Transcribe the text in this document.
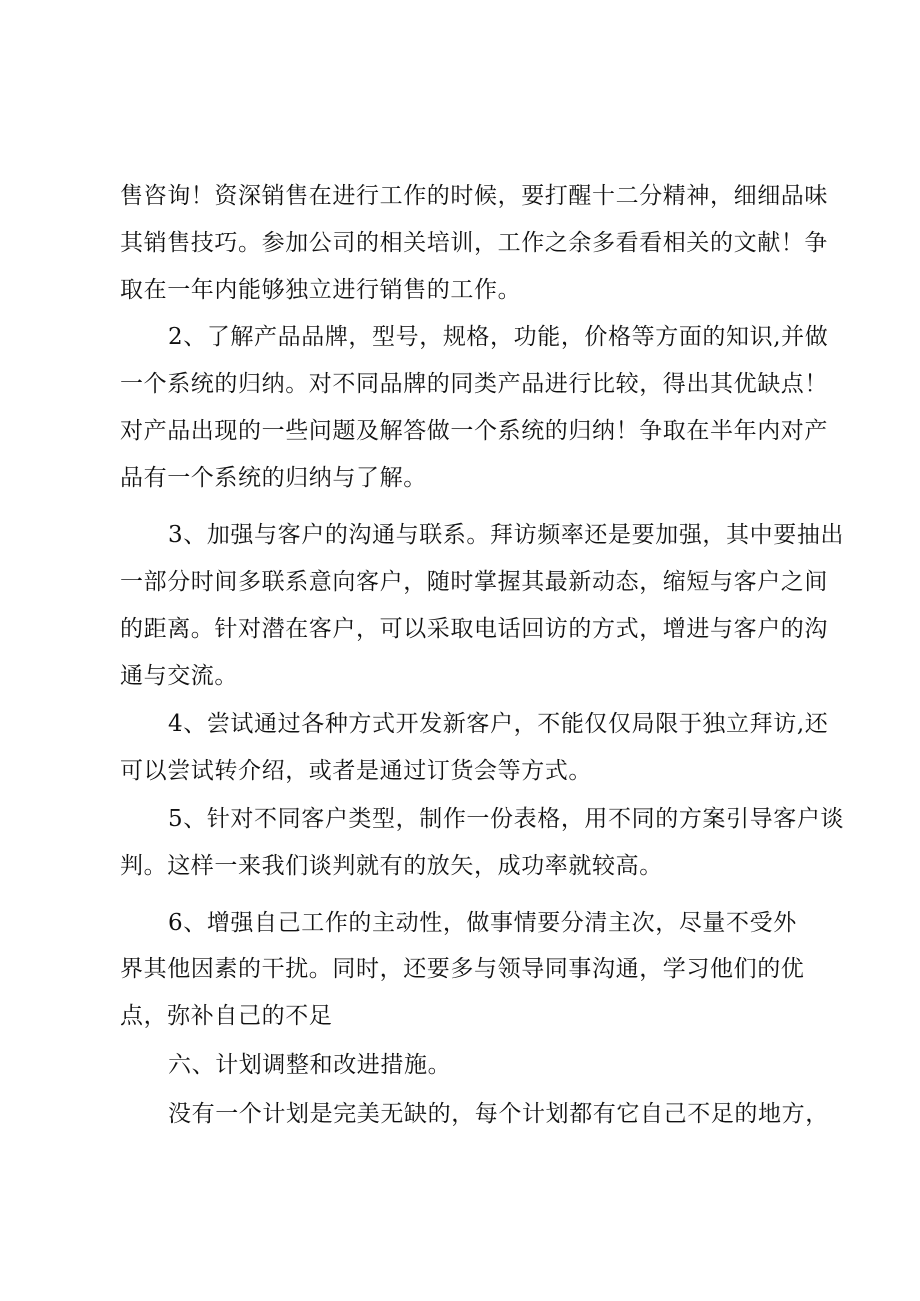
售咨询！资深销售在进行工作的时候，要打醒十二分精神，细细品味
其销售技巧。参加公司的相关培训，工作之余多看看相关的文献！争
取在一年内能够独立进行销售的工作。
2、了解产品品牌，型号，规格，功能，价格等方面的知识,并做
一个系统的归纳。对不同品牌的同类产品进行比较，得出其优缺点！
对产品出现的一些问题及解答做一个系统的归纳！争取在半年内对产
品有一个系统的归纳与了解。
3、加强与客户的沟通与联系。拜访频率还是要加强，其中要抽出
一部分时间多联系意向客户，随时掌握其最新动态，缩短与客户之间
的距离。针对潜在客户，可以采取电话回访的方式，增进与客户的沟
通与交流。
4、尝试通过各种方式开发新客户，不能仅仅局限于独立拜访,还
可以尝试转介绍，或者是通过订货会等方式。
5、针对不同客户类型，制作一份表格，用不同的方案引导客户谈
判。这样一来我们谈判就有的放矢，成功率就较高。
6、增强自己工作的主动性，做事情要分清主次，尽量不受外
界其他因素的干扰。同时，还要多与领导同事沟通，学习他们的优
点，弥补自己的不足
六、计划调整和改进措施。
没有一个计划是完美无缺的，每个计划都有它自己不足的地方，
